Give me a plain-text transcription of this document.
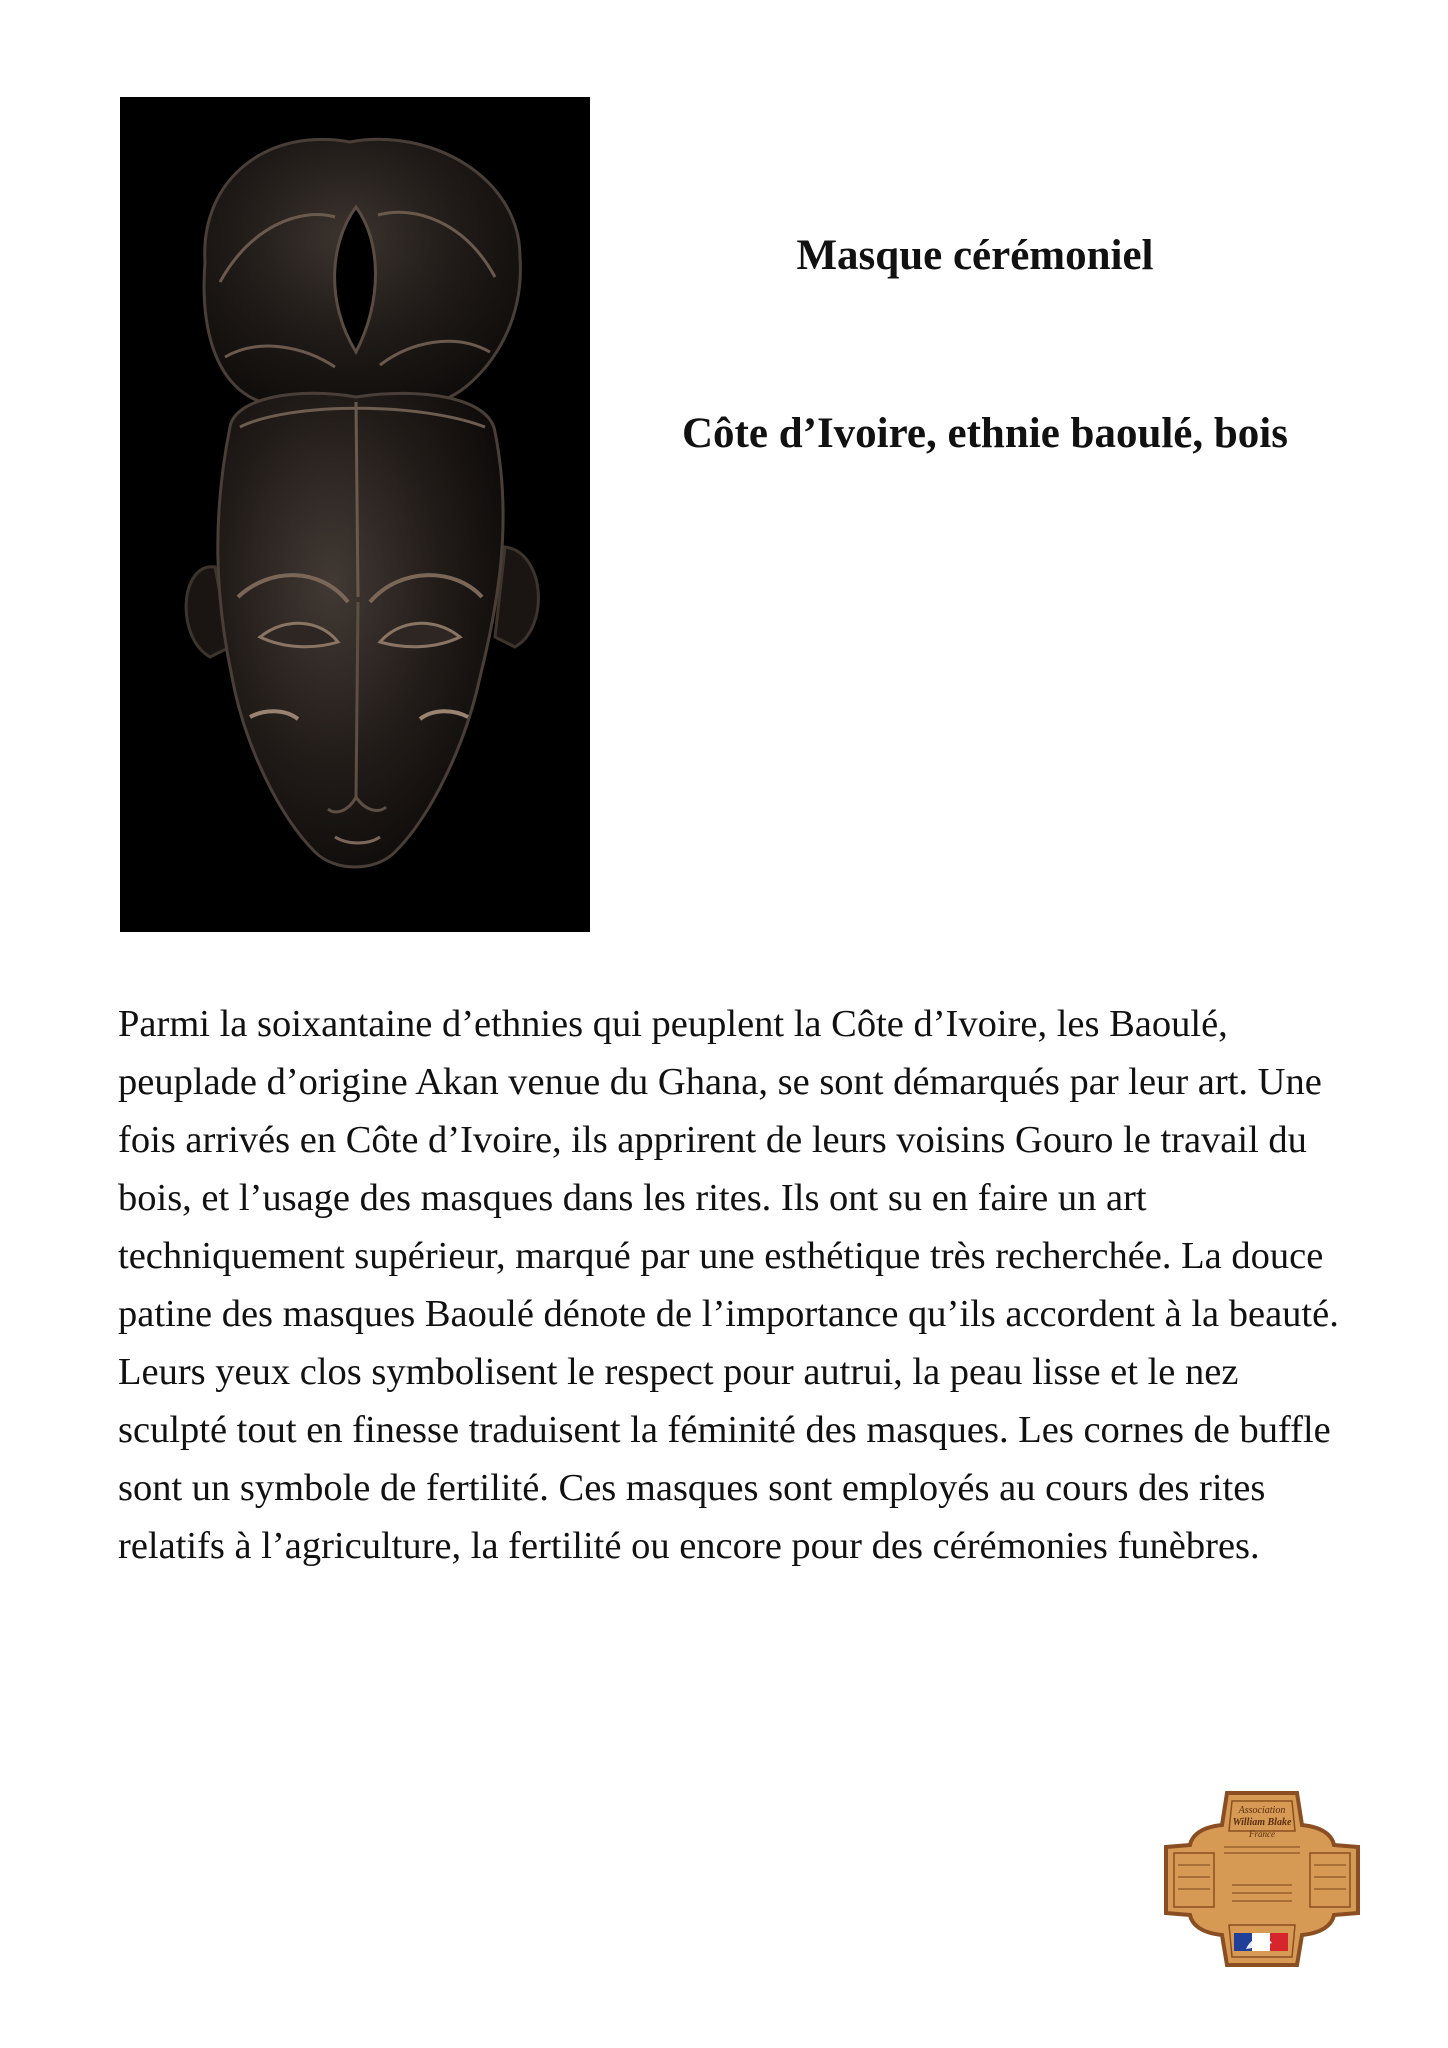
Masque cérémoniel
Côte d’Ivoire, ethnie baoulé, bois

Parmi la soixantaine d’ethnies qui peuplent la Côte d’Ivoire, les Baoulé, peuplade d’origine Akan venue du Ghana, se sont démarqués par leur art. Une fois arrivés en Côte d’Ivoire, ils apprirent de leurs voisins Gouro le travail du bois, et l’usage des masques dans les rites. Ils ont su en faire un art techniquement supérieur, marqué par une esthétique très recherchée. La douce patine des masques Baoulé dénote de l’importance qu’ils accordent à la beauté. Leurs yeux clos symbolisent le respect pour autrui, la peau lisse et le nez sculpté tout en finesse traduisent la féminité des masques. Les cornes de buffle sont un symbole de fertilité. Ces masques sont employés au cours des rites relatifs à l’agriculture, la fertilité ou encore pour des cérémonies funèbres.

Association
William Blake
France
